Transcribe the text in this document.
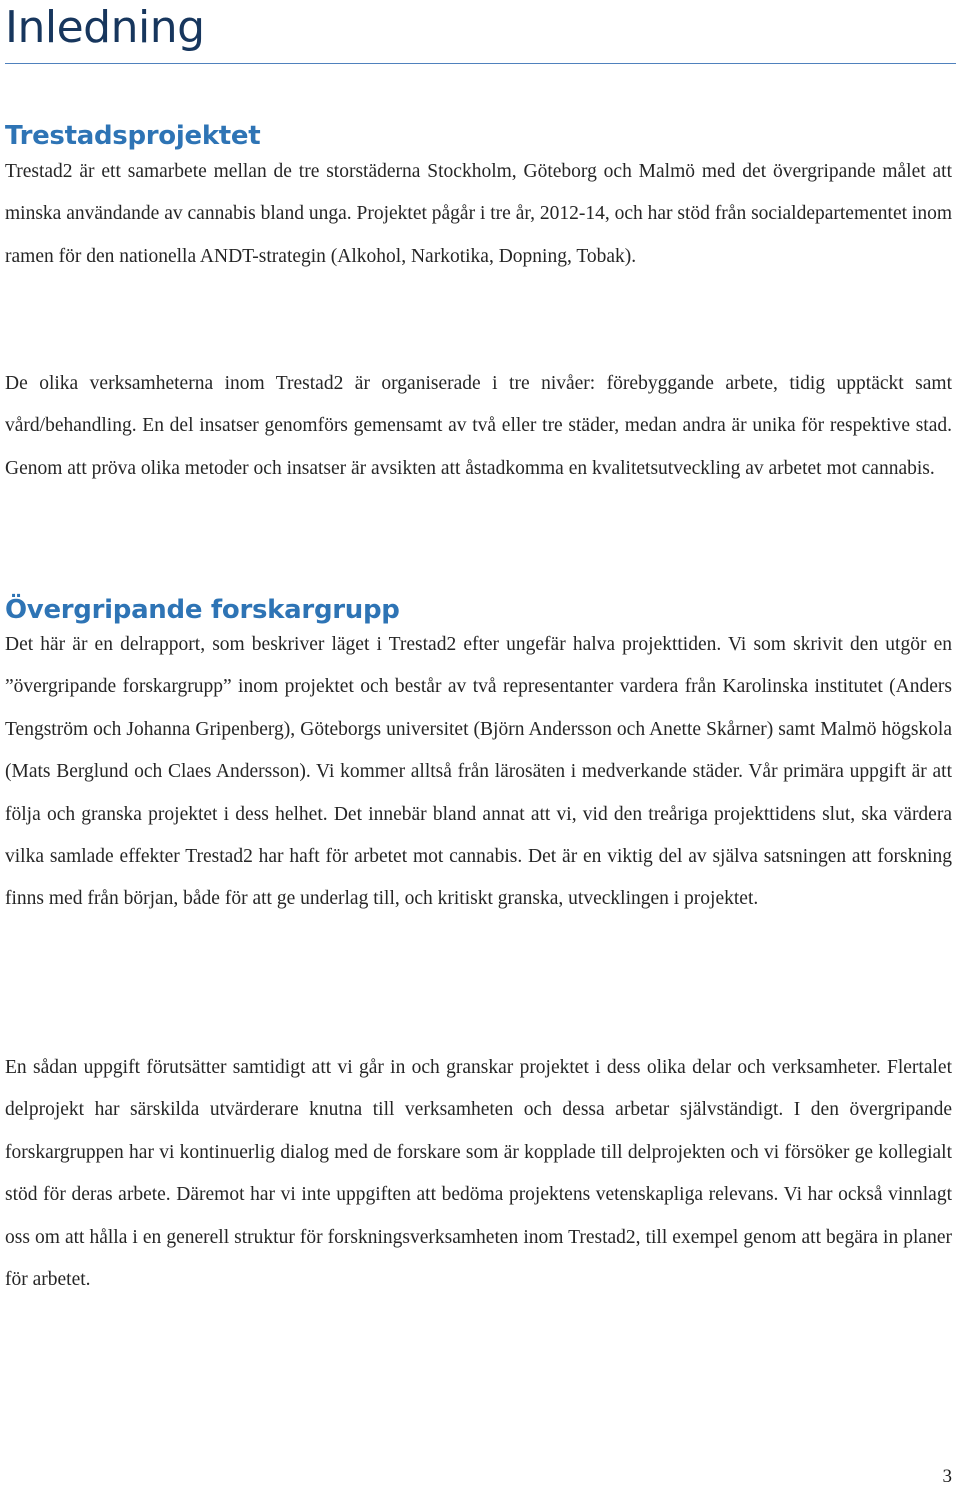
Inledning
Trestadsprojektet

Trestad2 är ett samarbete mellan de tre storstäderna Stockholm, Göteborg och Malmö med det övergripande målet att minska användande av cannabis bland unga. Projektet pågår i tre år, 2012-14, och har stöd från socialdepartementet inom ramen för den nationella ANDT-strategin (Alkohol, Narkotika, Dopning, Tobak).

De olika verksamheterna inom Trestad2 är organiserade i tre nivåer: förebyggande arbete, tidig upptäckt samt vård/behandling. En del insatser genomförs gemensamt av två eller tre städer, medan andra är unika för respektive stad. Genom att pröva olika metoder och insatser är avsikten att åstadkomma en kvalitetsutveckling av arbetet mot cannabis.

Övergripande forskargrupp

Det här är en delrapport, som beskriver läget i Trestad2 efter ungefär halva projekttiden. Vi som skrivit den utgör en ”övergripande forskargrupp” inom projektet och består av två representanter vardera från Karolinska institutet (Anders Tengström och Johanna Gripenberg), Göteborgs universitet (Björn Andersson och Anette Skårner) samt Malmö högskola (Mats Berglund och Claes Andersson). Vi kommer alltså från lärosäten i medverkande städer. Vår primära uppgift är att följa och granska projektet i dess helhet. Det innebär bland annat att vi, vid den treåriga projekttidens slut, ska värdera vilka samlade effekter Trestad2 har haft för arbetet mot cannabis. Det är en viktig del av själva satsningen att forskning finns med från början, både för att ge underlag till, och kritiskt granska, utvecklingen i projektet.

En sådan uppgift förutsätter samtidigt att vi går in och granskar projektet i dess olika delar och verksamheter. Flertalet delprojekt har särskilda utvärderare knutna till verksamheten och dessa arbetar självständigt. I den övergripande forskargruppen har vi kontinuerlig dialog med de forskare som är kopplade till delprojekten och vi försöker ge kollegialt stöd för deras arbete. Däremot har vi inte uppgiften att bedöma projektens vetenskapliga relevans. Vi har också vinnlagt oss om att hålla i en generell struktur för forskningsverksamheten inom Trestad2, till exempel genom att begära in planer för arbetet.

3
